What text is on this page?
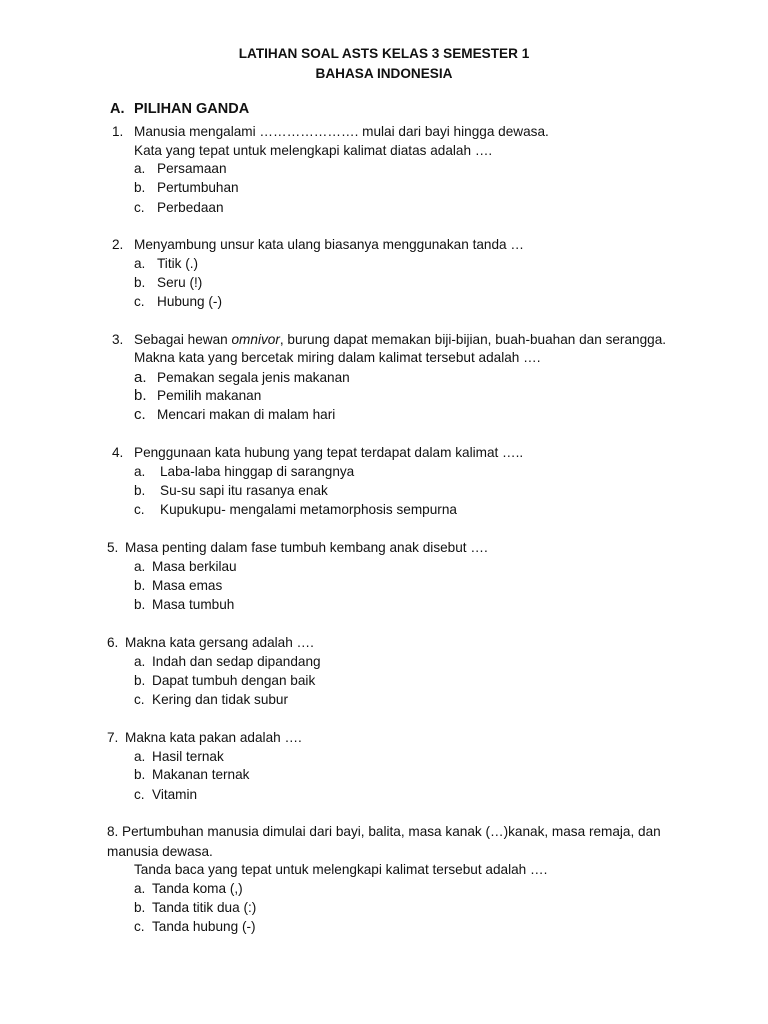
LATIHAN SOAL ASTS KELAS 3 SEMESTER 1
BAHASA INDONESIA
A. PILIHAN GANDA
1. Manusia mengalami …………………. mulai dari bayi hingga dewasa.
Kata yang tepat untuk melengkapi kalimat diatas adalah ….
a. Persamaan
b. Pertumbuhan
c. Perbedaan
2. Menyambung unsur kata ulang biasanya menggunakan tanda …
a. Titik (.)
b. Seru (!)
c. Hubung (-)
3. Sebagai hewan omnivor, burung dapat memakan biji-bijian, buah-buahan dan serangga.
Makna kata yang bercetak miring dalam kalimat tersebut adalah ….
a. Pemakan segala jenis makanan
b. Pemilih makanan
c. Mencari makan di malam hari
4. Penggunaan kata hubung yang tepat terdapat dalam kalimat …..
a. Laba-laba hinggap di sarangnya
b. Su-su sapi itu rasanya enak
c. Kupukupu- mengalami metamorphosis sempurna
5. Masa penting dalam fase tumbuh kembang anak disebut ….
a. Masa berkilau
b. Masa emas
b. Masa tumbuh
6. Makna kata gersang adalah ….
a. Indah dan sedap dipandang
b. Dapat tumbuh dengan baik
c. Kering dan tidak subur
7. Makna kata pakan adalah ….
a. Hasil ternak
b. Makanan ternak
c. Vitamin
8. Pertumbuhan manusia dimulai dari bayi, balita, masa kanak (…)kanak, masa remaja, dan
manusia dewasa.
Tanda baca yang tepat untuk melengkapi kalimat tersebut adalah ….
a. Tanda koma (,)
b. Tanda titik dua (:)
c. Tanda hubung (-)
